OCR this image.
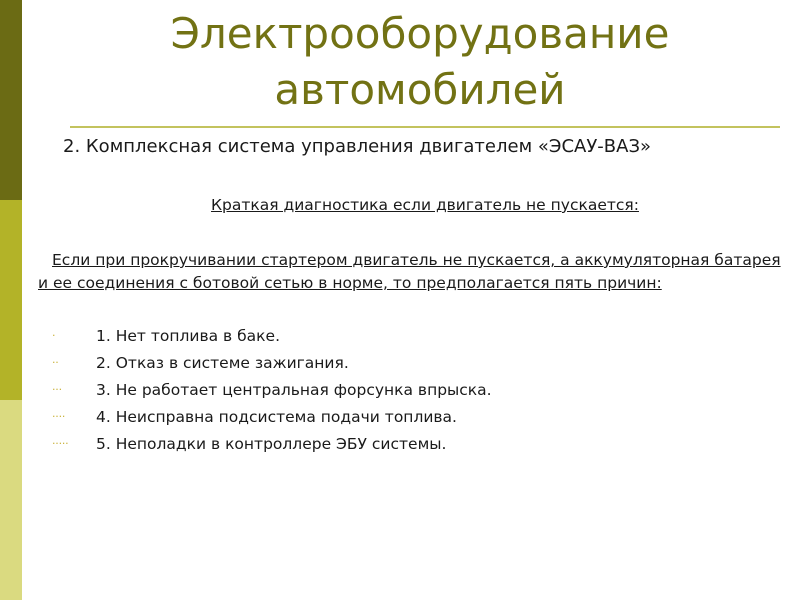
Электрооборудование
автомобилей
2. Комплексная система управления двигателем «ЭСАУ-ВАЗ»
Краткая диагностика если двигатель не пускается:
Если при прокручивании стартером двигатель не пускается, а аккумуляторная батарея и ее соединения с ботовой сетью в норме, то предполагается пять причин:
·	1. Нет топлива в баке.
·· 2. Отказ в системе зажигания.
··· 3. Не работает центральная форсунка впрыска.
···· 4. Неисправна подсистема подачи топлива.
····· 5. Неполадки в контроллере ЭБУ системы.
